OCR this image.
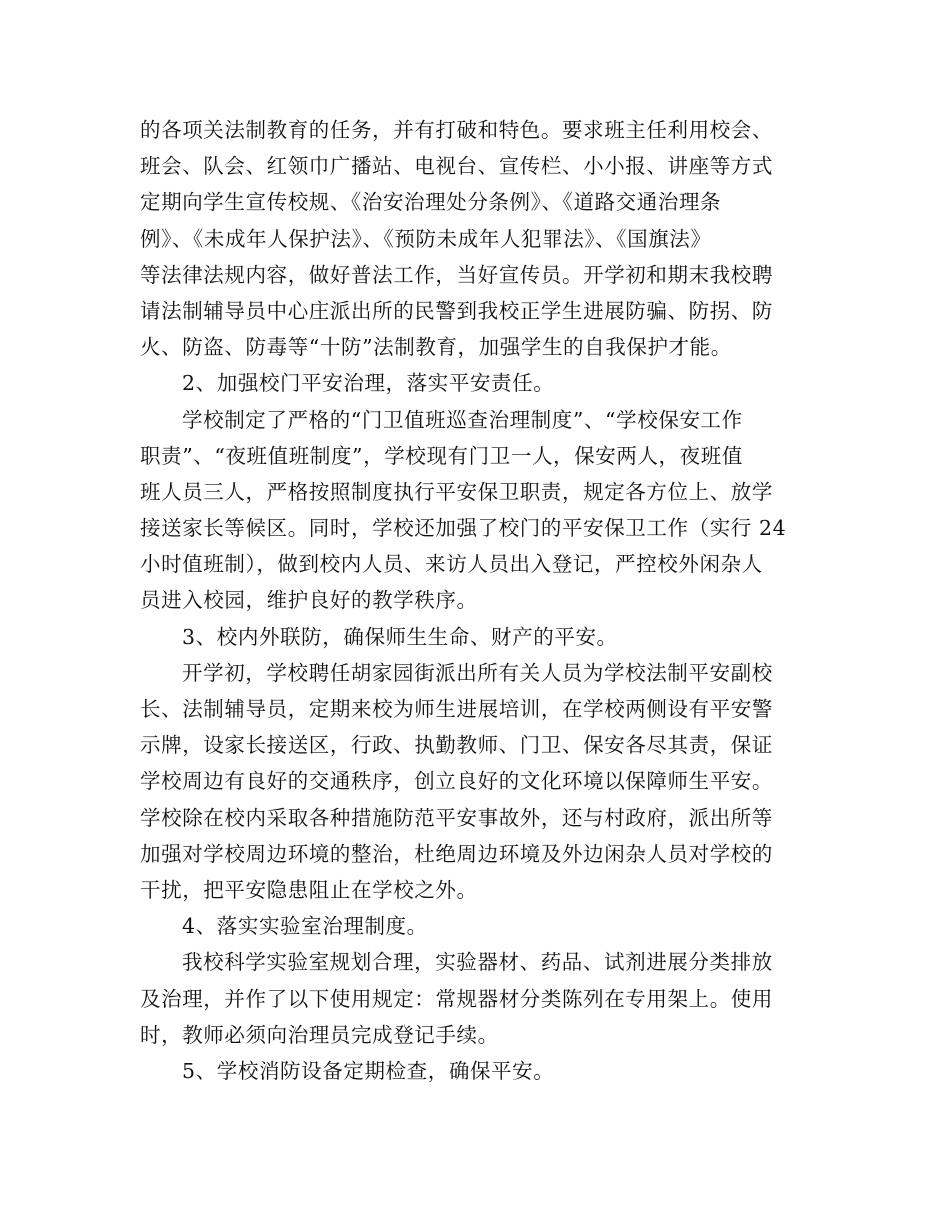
的各项关法制教育的任务，并有打破和特色。要求班主任利用校会、
班会、队会、红领巾广播站、电视台、宣传栏、小小报、讲座等方式
定期向学生宣传校规、《治安治理处分条例》、《道路交通治理条
例》、《未成年人保护法》、《预防未成年人犯罪法》、《国旗法》
等法律法规内容，做好普法工作，当好宣传员。开学初和期末我校聘
请法制辅导员中心庄派出所的民警到我校正学生进展防骗、防拐、防
火、防盗、防毒等“十防”法制教育，加强学生的自我保护才能。
2、加强校门平安治理，落实平安责任。
学校制定了严格的“门卫值班巡查治理制度”、“学校保安工作
职责”、“夜班值班制度”，学校现有门卫一人，保安两人，夜班值
班人员三人，严格按照制度执行平安保卫职责，规定各方位上、放学
接送家长等候区。同时，学校还加强了校门的平安保卫工作（实行 24
小时值班制），做到校内人员、来访人员出入登记，严控校外闲杂人
员进入校园，维护良好的教学秩序。
3、校内外联防，确保师生生命、财产的平安。
开学初，学校聘任胡家园街派出所有关人员为学校法制平安副校
长、法制辅导员，定期来校为师生进展培训，在学校两侧设有平安警
示牌，设家长接送区，行政、执勤教师、门卫、保安各尽其责，保证
学校周边有良好的交通秩序，创立良好的文化环境以保障师生平安。
学校除在校内采取各种措施防范平安事故外，还与村政府，派出所等
加强对学校周边环境的整治，杜绝周边环境及外边闲杂人员对学校的
干扰，把平安隐患阻止在学校之外。
4、落实实验室治理制度。
我校科学实验室规划合理，实验器材、药品、试剂进展分类排放
及治理，并作了以下使用规定：常规器材分类陈列在专用架上。使用
时，教师必须向治理员完成登记手续。
5、学校消防设备定期检查，确保平安。
